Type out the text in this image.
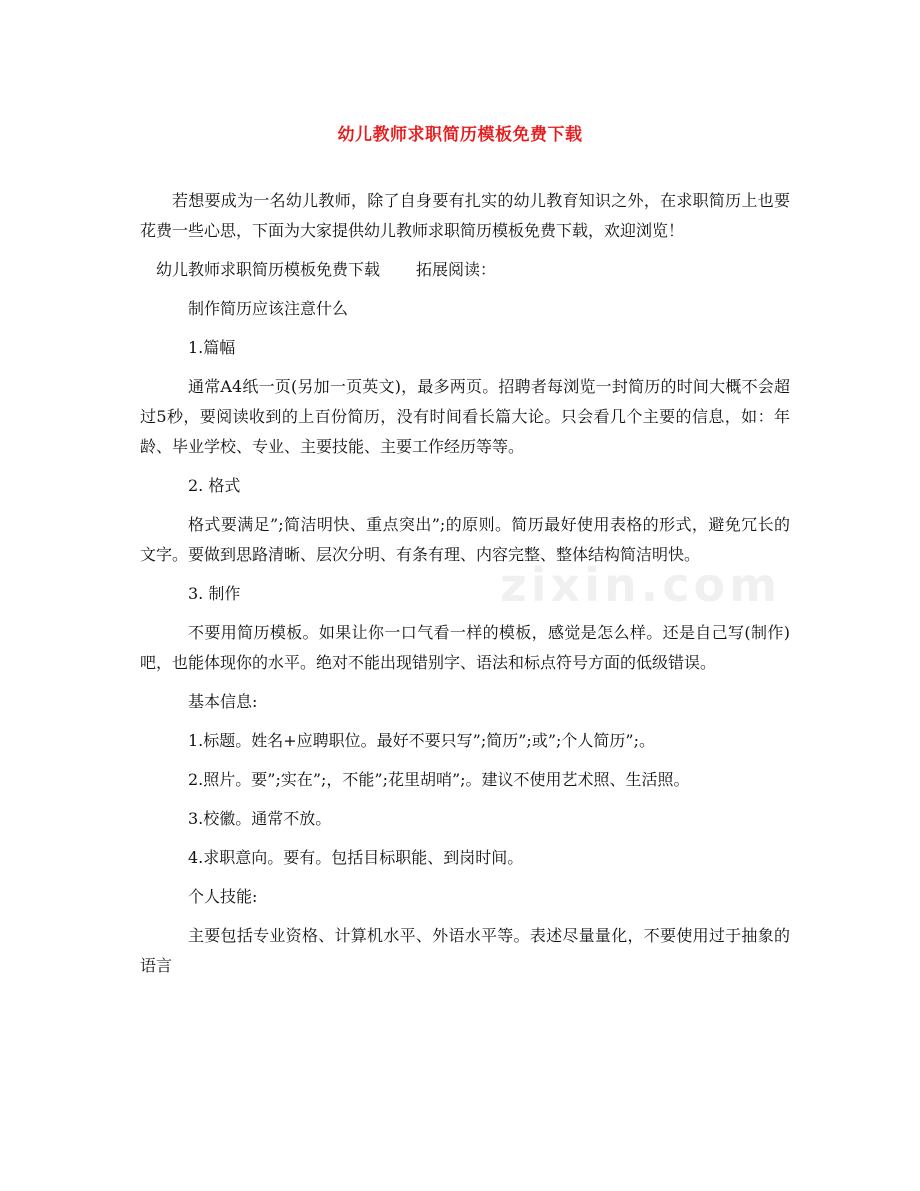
幼儿教师求职简历模板免费下载
zixin.com

若想要成为一名幼儿教师，除了自身要有扎实的幼儿教育知识之外，在求职简历上也要花费一些心思，下面为大家提供幼儿教师求职简历模板免费下载，欢迎浏览！

幼儿教师求职简历模板免费下载 拓展阅读：

制作简历应该注意什么

1.篇幅

通常A4纸一页(另加一页英文)，最多两页。招聘者每浏览一封简历的时间大概不会超过5秒，要阅读收到的上百份简历，没有时间看长篇大论。只会看几个主要的信息，如：年龄、毕业学校、专业、主要技能、主要工作经历等等。

2. 格式

格式要满足”;简洁明快、重点突出”;的原则。简历最好使用表格的形式，避免冗长的文字。要做到思路清晰、层次分明、有条有理、内容完整、整体结构简洁明快。

3. 制作

不要用简历模板。如果让你一口气看一样的模板，感觉是怎么样。还是自己写(制作)吧，也能体现你的水平。绝对不能出现错别字、语法和标点符号方面的低级错误。

基本信息:

1.标题。姓名+应聘职位。最好不要只写”;简历”;或”;个人简历”;。

2.照片。要”;实在”;，不能”;花里胡哨”;。建议不使用艺术照、生活照。

3.校徽。通常不放。

4.求职意向。要有。包括目标职能、到岗时间。

个人技能:

主要包括专业资格、计算机水平、外语水平等。表述尽量量化，不要使用过于抽象的语言
